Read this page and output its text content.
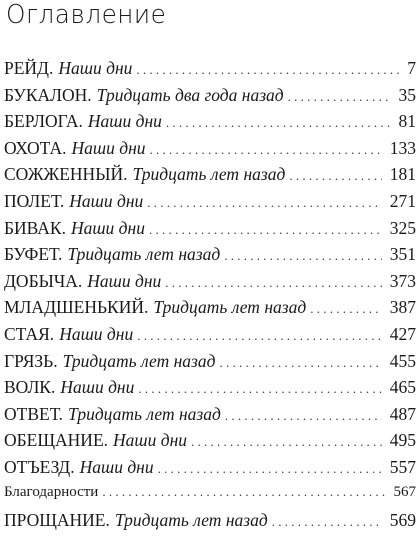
Оглавление
РЕЙД. Наши дни . . .	7
БУКАЛОН. Тридцать два года назад . . .	35
БЕРЛОГА. Наши дни . . .	81
ОХОТА. Наши дни . . .	133
СОЖЖЕННЫЙ. Тридцать лет назад . . .	181
ПОЛЕТ. Наши дни . . .	271
БИВАК. Наши дни . . .	325
БУФЕТ. Тридцать лет назад . . .	351
ДОБЫЧА. Наши дни . . .	373
МЛАДШЕНЬКИЙ. Тридцать лет назад . . .	387
СТАЯ. Наши дни . . .	427
ГРЯЗЬ. Тридцать лет назад . . .	455
ВОЛК. Наши дни . . .	465
ОТВЕТ. Тридцать лет назад . . .	487
ОБЕЩАНИЕ. Наши дни . . .	495
ОТЪЕЗД. Наши дни . . .	557
Благодарности . . .	567
ПРОЩАНИЕ. Тридцать лет назад . . .	569
